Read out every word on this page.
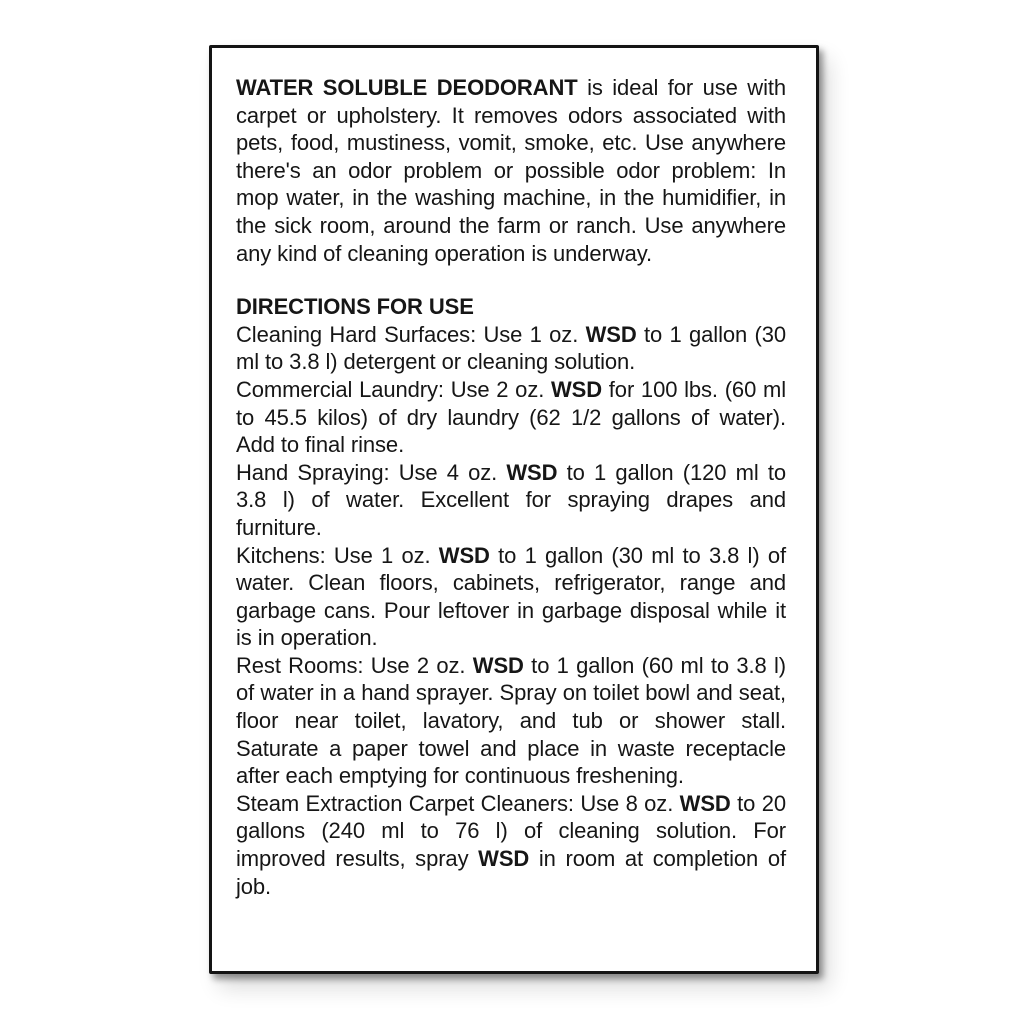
WATER SOLUBLE DEODORANT is ideal for use with carpet or upholstery. It removes odors associated with pets, food, mustiness, vomit, smoke, etc. Use anywhere there's an odor problem or possible odor problem: In mop water, in the washing machine, in the humidifier, in the sick room, around the farm or ranch. Use anywhere any kind of cleaning operation is underway.

DIRECTIONS FOR USE

Cleaning Hard Surfaces: Use 1 oz. WSD to 1 gallon (30 ml to 3.8 l) detergent or cleaning solution.

Commercial Laundry: Use 2 oz. WSD for 100 lbs. (60 ml to 45.5 kilos) of dry laundry (62 1/2 gallons of water). Add to final rinse.

Hand Spraying: Use 4 oz. WSD to 1 gallon (120 ml to 3.8 l) of water. Excellent for spraying drapes and furniture.

Kitchens: Use 1 oz. WSD to 1 gallon (30 ml to 3.8 l) of water. Clean floors, cabinets, refrigerator, range and garbage cans. Pour leftover in garbage disposal while it is in operation.

Rest Rooms: Use 2 oz. WSD to 1 gallon (60 ml to 3.8 l) of water in a hand sprayer. Spray on toilet bowl and seat, floor near toilet, lavatory, and tub or shower stall. Saturate a paper towel and place in waste receptacle after each emptying for continuous freshening.

Steam Extraction Carpet Cleaners: Use 8 oz. WSD to 20 gallons (240 ml to 76 l) of cleaning solution. For improved results, spray WSD in room at completion of job.
